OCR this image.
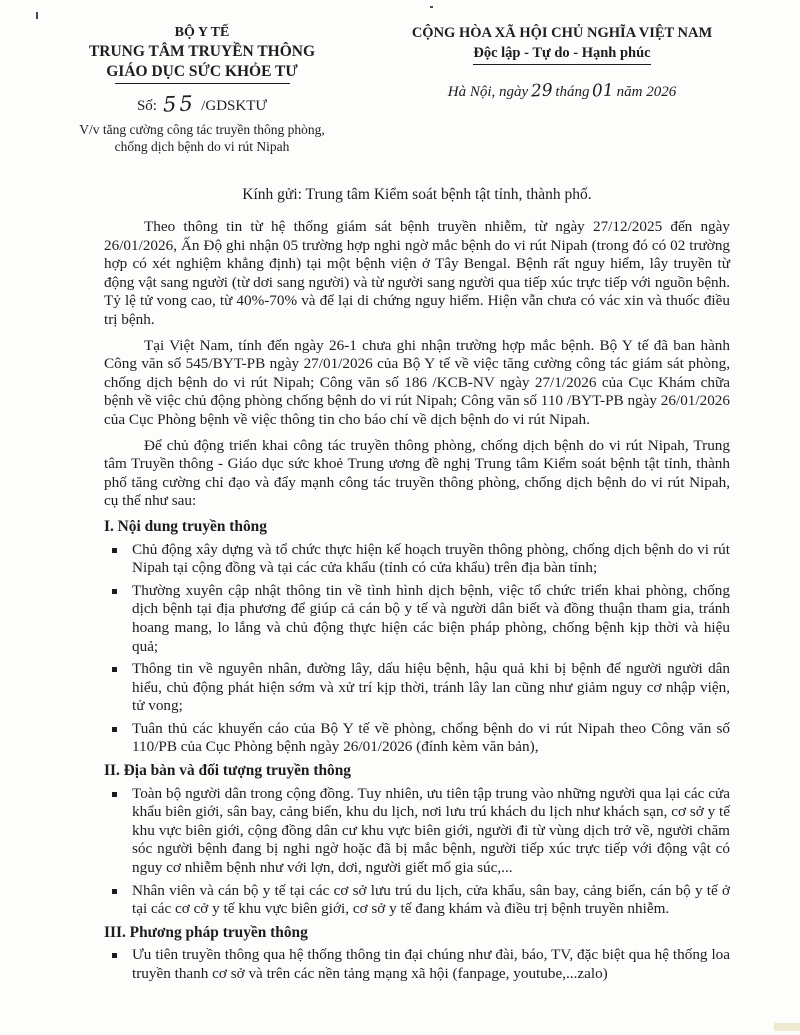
BỘ Y TẾ
TRUNG TÂM TRUYỀN THÔNG
GIÁO DỤC SỨC KHỎE TƯ
Số: 55 /GDSKTƯ
V/v tăng cường công tác truyền thông phòng,
chống dịch bệnh do vi rút Nipah
CỘNG HÒA XÃ HỘI CHỦ NGHĨA VIỆT NAM
Độc lập - Tự do - Hạnh phúc
Hà Nội, ngày 29 tháng 01 năm 2026
Kính gửi: Trung tâm Kiểm soát bệnh tật tỉnh, thành phố.

Theo thông tin từ hệ thống giám sát bệnh truyền nhiễm, từ ngày 27/12/2025 đến ngày 26/01/2026, Ấn Độ ghi nhận 05 trường hợp nghi ngờ mắc bệnh do vi rút Nipah (trong đó có 02 trường hợp có xét nghiệm khẳng định) tại một bệnh viện ở Tây Bengal. Bệnh rất nguy hiểm, lây truyền từ động vật sang người (từ dơi sang người) và từ người sang người qua tiếp xúc trực tiếp với nguồn bệnh. Tỷ lệ tử vong cao, từ 40%-70% và để lại di chứng nguy hiểm. Hiện vẫn chưa có vác xin và thuốc điều trị bệnh.

Tại Việt Nam, tính đến ngày 26-1 chưa ghi nhận trường hợp mắc bệnh. Bộ Y tế đã ban hành Công văn số 545/BYT-PB ngày 27/01/2026 của Bộ Y tế về việc tăng cường công tác giám sát phòng, chống dịch bệnh do vi rút Nipah; Công văn số 186 /KCB-NV ngày 27/1/2026 của Cục Khám chữa bệnh về việc chủ động phòng chống bệnh do vi rút Nipah; Công văn số 110 /BYT-PB ngày 26/01/2026 của Cục Phòng bệnh về việc thông tin cho báo chí về dịch bệnh do vi rút Nipah.

Để chủ động triển khai công tác truyền thông phòng, chống dịch bệnh do vi rút Nipah, Trung tâm Truyền thông - Giáo dục sức khoẻ Trung ương đề nghị Trung tâm Kiểm soát bệnh tật tỉnh, thành phố tăng cường chỉ đạo và đẩy mạnh công tác truyền thông phòng, chống dịch bệnh do vi rút Nipah, cụ thể như sau:

I. Nội dung truyền thông
Chủ động xây dựng và tổ chức thực hiện kế hoạch truyền thông phòng, chống dịch bệnh do vi rút Nipah tại cộng đồng và tại các cửa khẩu (tỉnh có cửa khẩu) trên địa bàn tỉnh;
Thường xuyên cập nhật thông tin về tình hình dịch bệnh, việc tổ chức triển khai phòng, chống dịch bệnh tại địa phương để giúp cả cán bộ y tế và người dân biết và đồng thuận tham gia, tránh hoang mang, lo lắng và chủ động thực hiện các biện pháp phòng, chống bệnh kịp thời và hiệu quả;
Thông tin về nguyên nhân, đường lây, dấu hiệu bệnh, hậu quả khi bị bệnh để người người dân hiểu, chủ động phát hiện sớm và xử trí kịp thời, tránh lây lan cũng như giảm nguy cơ nhập viện, tử vong;
Tuân thủ các khuyến cáo của Bộ Y tế về phòng, chống bệnh do vi rút Nipah theo Công văn số 110/PB của Cục Phòng bệnh ngày 26/01/2026 (đính kèm văn bản),
II. Địa bàn và đối tượng truyền thông
Toàn bộ người dân trong cộng đồng. Tuy nhiên, ưu tiên tập trung vào những người qua lại các cửa khẩu biên giới, sân bay, cảng biển, khu du lịch, nơi lưu trú khách du lịch như khách sạn, cơ sở y tế khu vực biên giới, cộng đồng dân cư khu vực biên giới, người đi từ vùng dịch trở về, người chăm sóc người bệnh đang bị nghi ngờ hoặc đã bị mắc bệnh, người tiếp xúc trực tiếp với động vật có nguy cơ nhiễm bệnh như với lợn, dơi, người giết mổ gia súc,...
Nhân viên và cán bộ y tế tại các cơ sở lưu trú du lịch, cửa khẩu, sân bay, cảng biển, cán bộ y tế ở tại các cơ cở y tế khu vực biên giới, cơ sở y tế đang khám và điều trị bệnh truyền nhiễm.
III. Phương pháp truyền thông
Ưu tiên truyền thông qua hệ thống thông tin đại chúng như đài, báo, TV, đặc biệt qua hệ thống loa truyền thanh cơ sở và trên các nền tảng mạng xã hội (fanpage, youtube,...zalo)
